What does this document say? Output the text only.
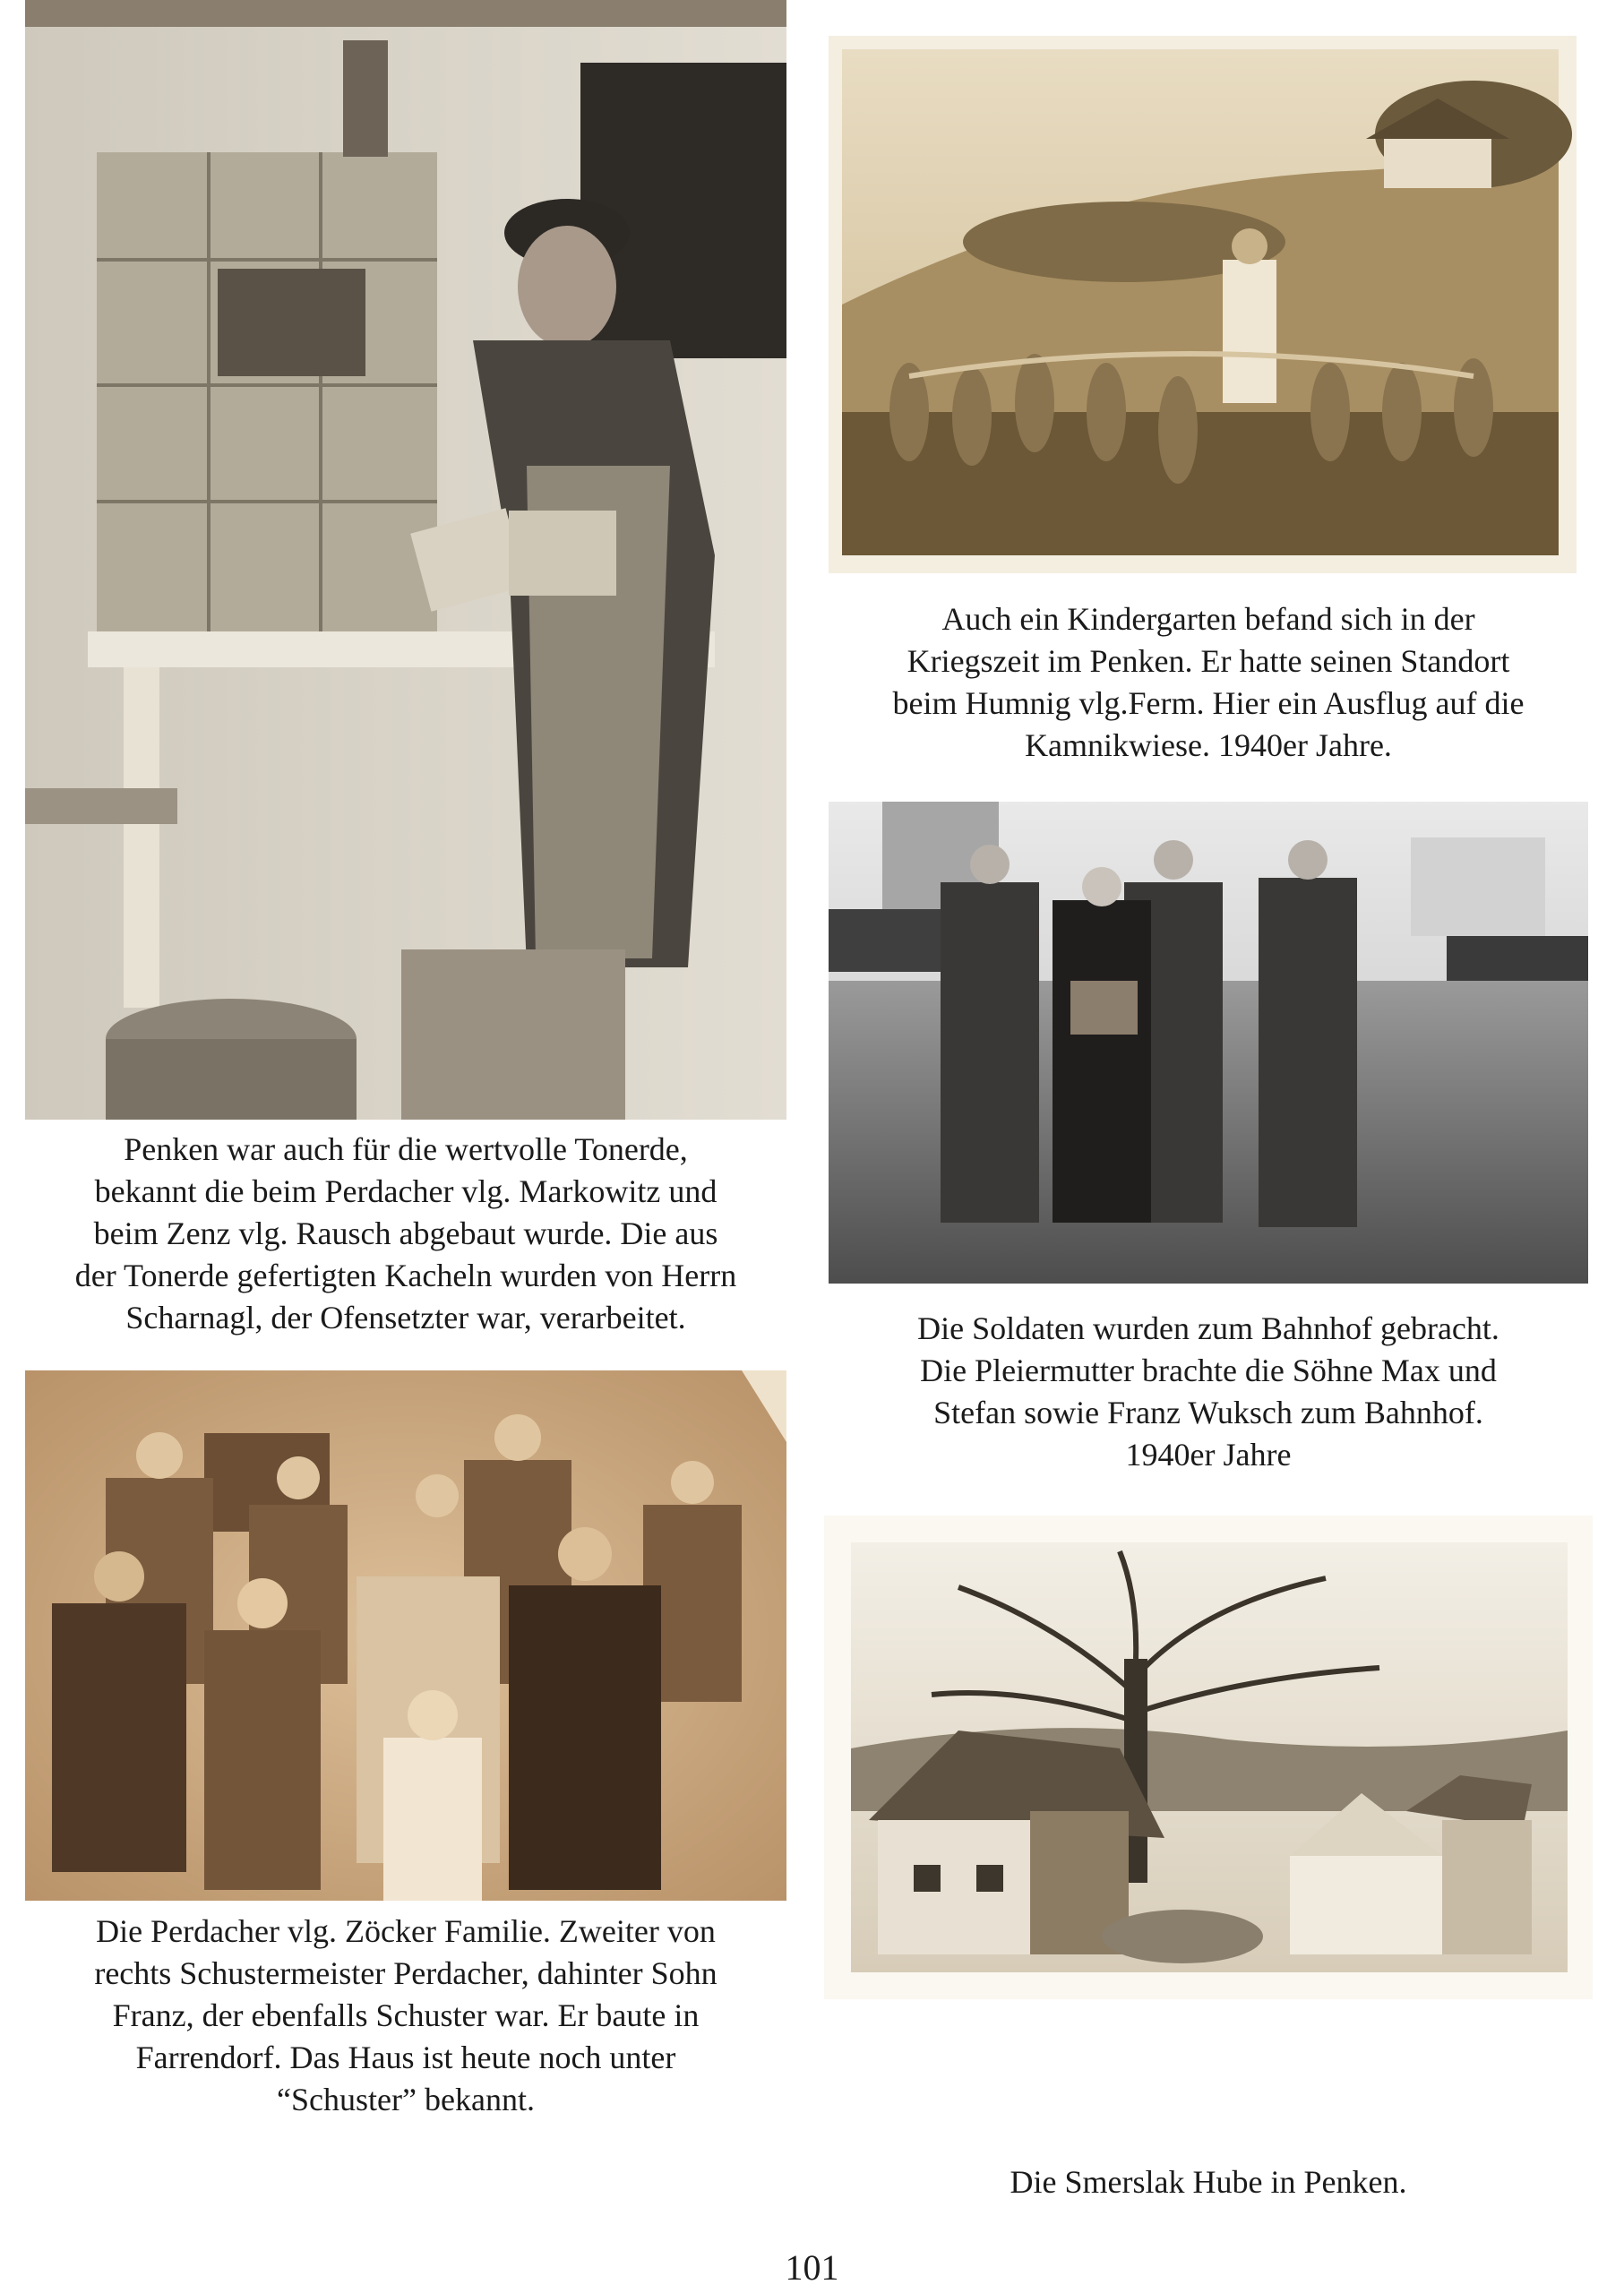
Penken war auch für die wertvolle Tonerde,
bekannt die beim Perdacher vlg. Markowitz und
beim Zenz vlg. Rausch abgebaut wurde. Die aus
der Tonerde gefertigten Kacheln wurden von Herrn
Scharnagl, der Ofensetzter war, verarbeitet.

Auch ein Kindergarten befand sich in der
Kriegszeit im Penken. Er hatte seinen Standort
beim Humnig vlg.Ferm. Hier ein Ausflug auf die
Kamnikwiese. 1940er Jahre.

Die Soldaten wurden zum Bahnhof gebracht.
Die Pleiermutter brachte die Söhne Max und
Stefan sowie Franz Wuksch zum Bahnhof.
1940er Jahre

Die Perdacher vlg. Zöcker Familie. Zweiter von
rechts Schustermeister Perdacher, dahinter Sohn
Franz, der ebenfalls Schuster war. Er baute in
Farrendorf. Das Haus ist heute noch unter
“Schuster” bekannt.

Die Smerslak Hube in Penken.

101
